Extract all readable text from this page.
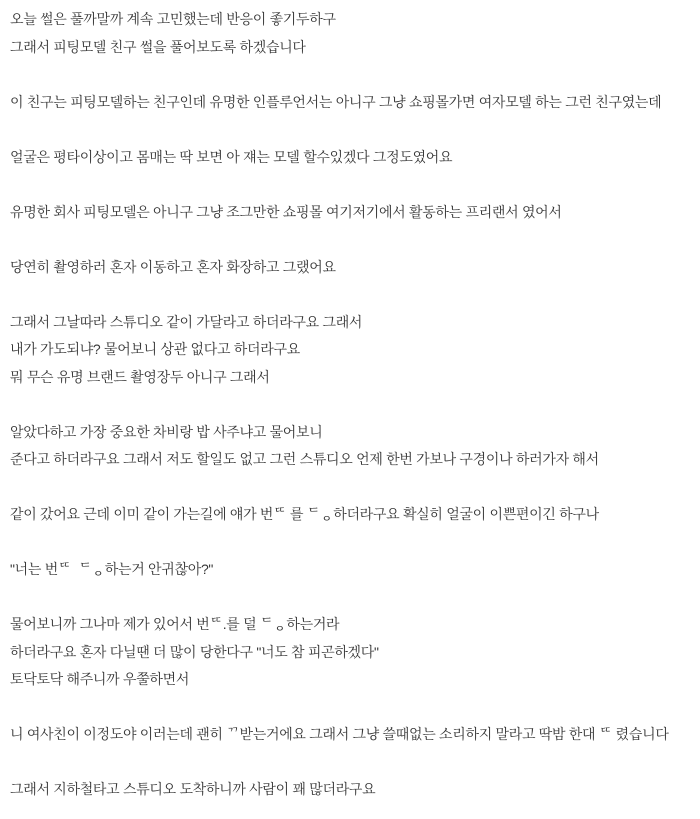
오늘 썰은 풀까말까 계속 고민했는데 반응이 좋기두하구
그래서 피팅모델 친구 썰을 풀어보도록 하겠습니다
이 친구는 피팅모델하는 친구인데 유명한 인플루언서는 아니구 그냥 쇼핑몰가면 여자모델 하는 그런 친구였는데
얼굴은 평타이상이고 몸매는 딱 보면 아 쟤는 모델 할수있겠다 그정도였어요
유명한 회사 피팅모델은 아니구 그냥 조그만한 쇼핑몰 여기저기에서 활동하는 프리랜서 였어서
당연히 촬영하러 혼자 이동하고 혼자 화장하고 그랬어요
그래서 그날따라 스튜디오 같이 가달라고 하더라구요 그래서
내가 가도되냐? 물어보니 상관 없다고 하더라구요
뭐 무슨 유명 브랜드 촬영장두 아니구 그래서
알았다하고 가장 중요한 차비랑 밥 사주냐고 물어보니
준다고 하더라구요 그래서 저도 할일도 없고 그런 스튜디오 언제 한번 가보나 구경이나 하러가자 해서
같이 갔어요 근데 이미 같이 가는길에 얘가 번ᄄ 를 ᄃᆼ하더라구요 확실히 얼굴이 이쁜편이긴 하구나
"너는 번ᄄ  ᄃᆼ하는거 안귀찮아?"
물어보니까 그나마 제가 있어서 번ᄄ.를 덜 ᄃᆼ하는거라
하더라구요 혼자 다닐땐 더 많이 당한다구 "너도 참 피곤하겠다"
토닥토닥 해주니까 우쭐하면서
니 여사친이 이정도야 이러는데 괜히 ᄁ받는거에요 그래서 그냥 쓸때없는 소리하지 말라고 딱밤 한대 ᄄ 렸습니다
그래서 지하철타고 스튜디오 도착하니까 사람이 꽤 많더라구요
